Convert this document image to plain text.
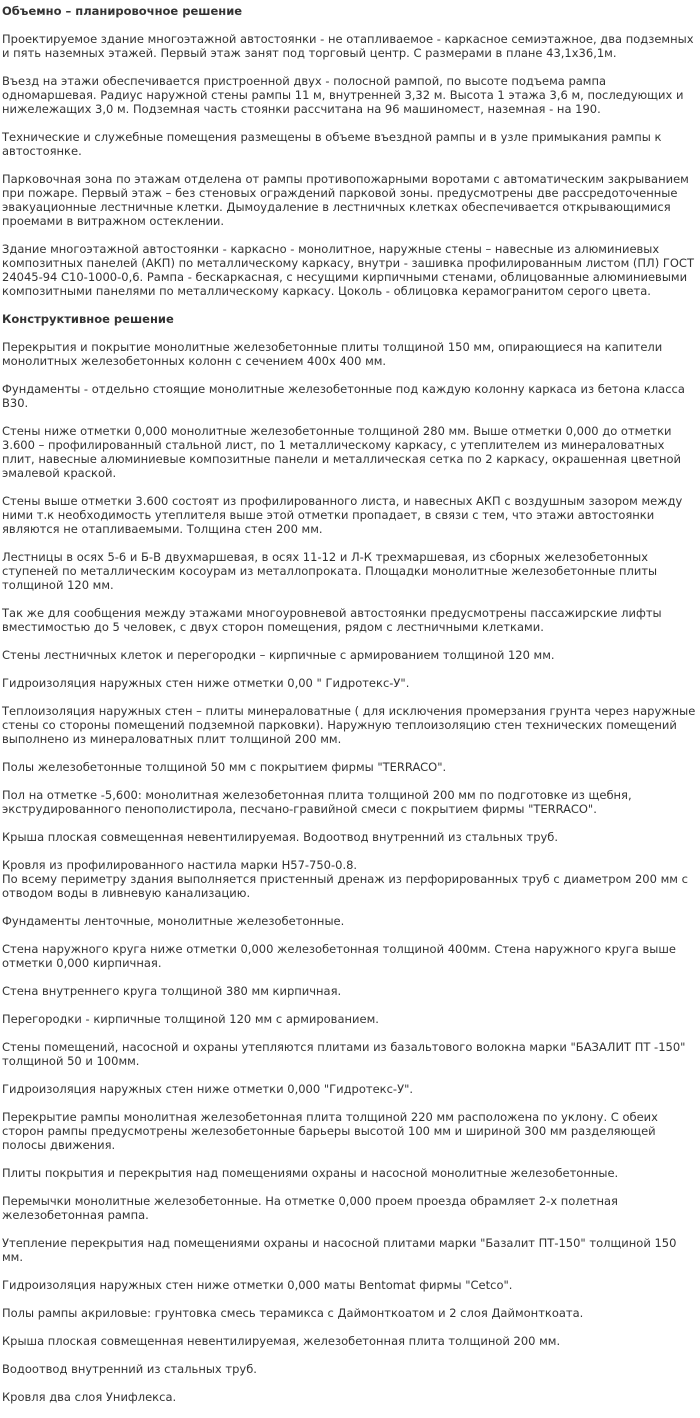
Объемно – планировочное решение

Проектируемое здание многоэтажной автостоянки - не отапливаемое - каркасное семиэтажное, два подземных и пять наземных этажей. Первый этаж занят под торговый центр. С размерами в плане 43,1х36,1м.

Въезд на этажи обеспечивается пристроенной двух - полосной рампой, по высоте подъема рампа одномаршевая. Радиус наружной стены рампы 11 м, внутренней 3,32 м. Высота 1 этажа 3,6 м, последующих и нижележащих 3,0 м. Подземная часть стоянки рассчитана на 96 машиномест, наземная - на 190.

Технические и служебные помещения размещены в объеме въездной рампы и в узле примыкания рампы к автостоянке.

Парковочная зона по этажам отделена от рампы противопожарными воротами с автоматическим закрыванием при пожаре. Первый этаж – без стеновых ограждений парковой зоны. предусмотрены две рассредоточенные эвакуационные лестничные клетки. Дымоудаление в лестничных клетках обеспечивается открывающимися проемами в витражном остеклении.

Здание многоэтажной автостоянки - каркасно - монолитное, наружные стены – навесные из алюминиевых композитных панелей (АКП) по металлическому каркасу, внутри - зашивка профилированным листом (ПЛ) ГОСТ 24045-94 С10-1000-0,6. Рампа - бескаркасная, с несущими кирпичными стенами, облицованные алюминиевыми композитными панелями по металлическому каркасу. Цоколь - облицовка керамогранитом серого цвета.

Конструктивное решение

Перекрытия и покрытие монолитные железобетонные плиты толщиной 150 мм, опирающиеся на капители монолитных железобетонных колонн с сечением 400х 400 мм.

Фундаменты - отдельно стоящие монолитные железобетонные под каждую колонну каркаса из бетона класса В30.

Стены ниже отметки 0,000 монолитные железобетонные толщиной 280 мм. Выше отметки 0,000 до отметки 3.600 – профилированный стальной лист, по 1 металлическому каркасу, с утеплителем из минераловатных плит, навесные алюминиевые композитные панели и металлическая сетка по 2 каркасу, окрашенная цветной эмалевой краской.

Стены выше отметки 3.600 состоят из профилированного листа, и навесных АКП с воздушным зазором между ними т.к необходимость утеплителя выше этой отметки пропадает, в связи с тем, что этажи автостоянки являются не отапливаемыми. Толщина стен 200 мм.

Лестницы в осях 5-6 и Б-В двухмаршевая, в осях 11-12 и Л-К трехмаршевая, из сборных железобетонных ступеней по металлическим косоурам из металлопроката. Площадки монолитные железобетонные плиты толщиной 120 мм.

Так же для сообщения между этажами многоуровневой автостоянки предусмотрены пассажирские лифты вместимостью до 5 человек, с двух сторон помещения, рядом с лестничными клетками.

Стены лестничных клеток и перегородки – кирпичные с армированием толщиной 120 мм.

Гидроизоляция наружных стен ниже отметки 0,00 " Гидротекс-У".

Теплоизоляция наружных стен – плиты минераловатные ( для исключения промерзания грунта через наружные стены со стороны помещений подземной парковки). Наружную теплоизоляцию стен технических помещений выполнено из минераловатных плит толщиной 200 мм.

Полы железобетонные толщиной 50 мм с покрытием фирмы "TERRACO".

Пол на отметке -5,600: монолитная железобетонная плита толщиной 200 мм по подготовке из щебня, экструдированного пенополистирола, песчано-гравийной смеси с покрытием фирмы "TERRACO".

Крыша плоская совмещенная невентилируемая. Водоотвод внутренний из стальных труб.

Кровля из профилированного настила марки Н57-750-0.8.
По всему периметру здания выполняется пристенный дренаж из перфорированных труб с диаметром 200 мм с отводом воды в ливневую канализацию.

Фундаменты ленточные, монолитные железобетонные.

Стена наружного круга ниже отметки 0,000 железобетонная толщиной 400мм. Стена наружного круга выше отметки 0,000 кирпичная.

Стена внутреннего круга толщиной 380 мм кирпичная.

Перегородки - кирпичные толщиной 120 мм с армированием.

Стены помещений, насосной и охраны утепляются плитами из базальтового волокна марки "БАЗАЛИТ ПТ -150" толщиной 50 и 100мм.

Гидроизоляция наружных стен ниже отметки 0,000 "Гидротекс-У".

Перекрытие рампы монолитная железобетонная плита толщиной 220 мм расположена по уклону. С обеих сторон рампы предусмотрены железобетонные барьеры высотой 100 мм и шириной 300 мм разделяющей полосы движения.

Плиты покрытия и перекрытия над помещениями охраны и насосной монолитные железобетонные.

Перемычки монолитные железобетонные. На отметке 0,000 проем проезда обрамляет 2-х полетная железобетонная рампа.

Утепление перекрытия над помещениями охраны и насосной плитами марки "Базалит ПТ-150" толщиной 150 мм.

Гидроизоляция наружных стен ниже отметки 0,000 маты Bentomat фирмы "Cetco".

Полы рампы акриловые: грунтовка смесь терамикса с Даймонткоатом и 2 слоя Даймонткоата.

Крыша плоская совмещенная невентилируемая, железобетонная плита толщиной 200 мм.

Водоотвод внутренний из стальных труб.

Кровля два слоя Унифлекса.
